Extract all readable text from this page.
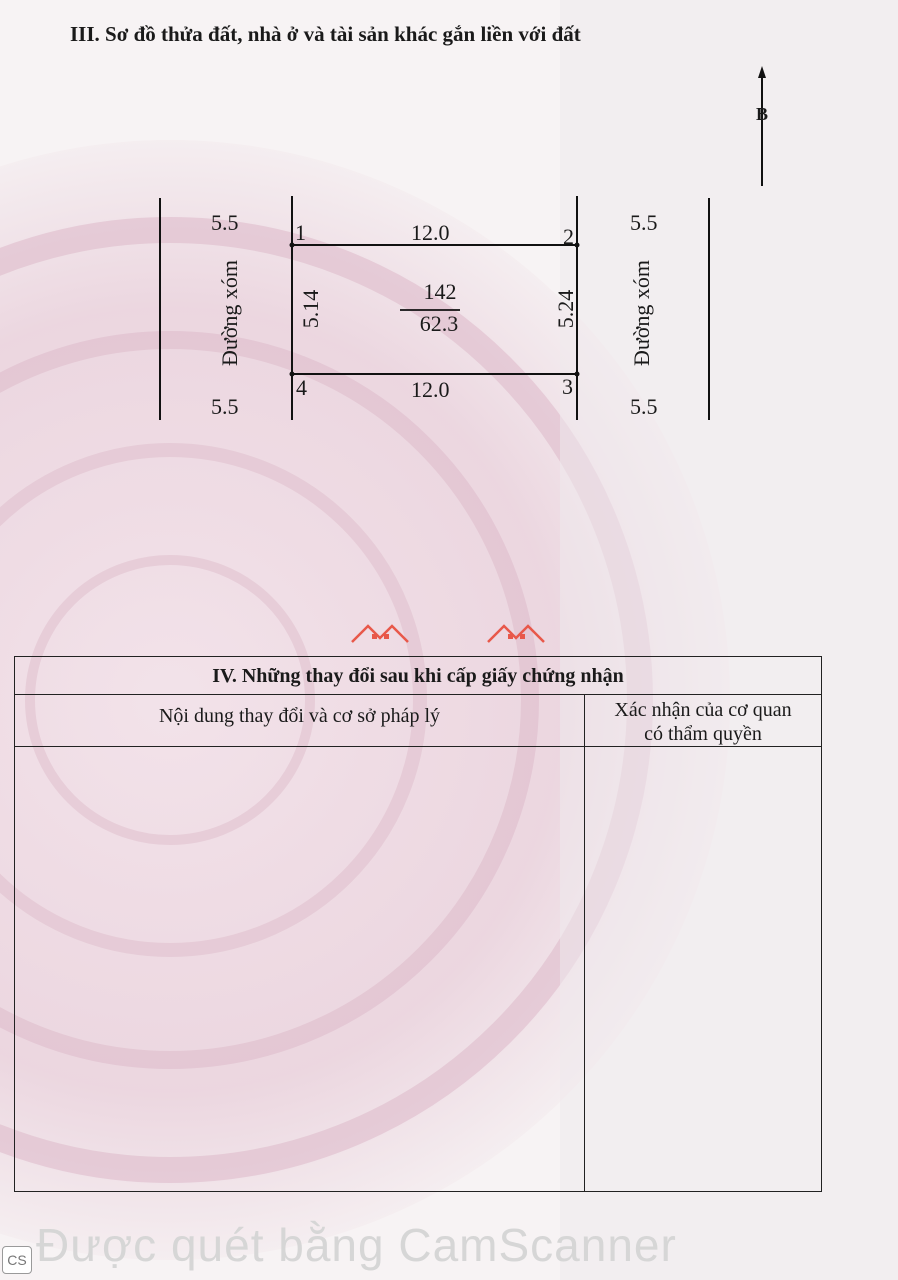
III. Sơ đồ thửa đất, nhà ở và tài sản khác gắn liền với đất
B
1	2
3
4
12.0
12.0
5.14	5.24
142
62.3
5.5
5.5
Đường xóm
5.5
5.5
Đường xóm
IV. Những thay đổi sau khi cấp giấy chứng nhận
Nội dung thay đổi và cơ sở pháp lý	Xác nhận của cơ quan
có thẩm quyền
Được quét bằng CamScanner
CS
